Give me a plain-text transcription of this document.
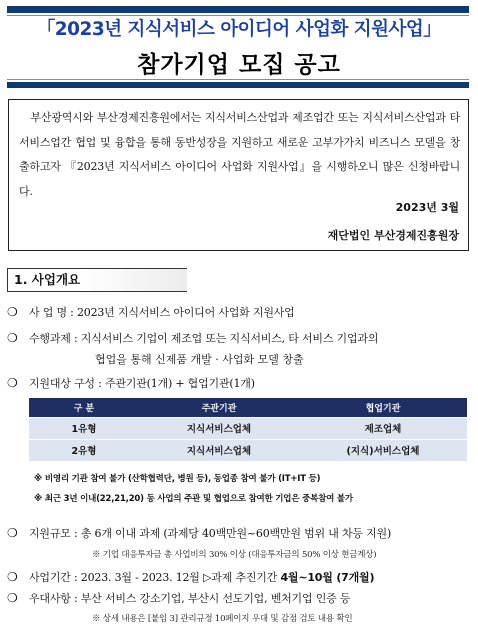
「2023년 지식서비스 아이디어 사업화 지원사업」
참가기업 모집 공고

부산광역시와 부산경제진흥원에서는 지식서비스산업과 제조업간 또는 지식서비스산업과 타서비스업간 협업 및 융합을 통해 동반성장을 지원하고 새로운 고부가가치 비즈니스 모델을 창출하고자 『2023년 지식서비스 아이디어 사업화 지원사업』을 시행하오니 많은 신청바랍니다.

2023년 3월
재단법인 부산경제진흥원장
1. 사업개요
❍ 사 업 명 : 2023년 지식서비스 아이디어 사업화 지원사업
❍ 수행과제 : 지식서비스 기업이 제조업 또는 지식서비스, 타 서비스 기업과의
협업을 통해 신제품 개발 · 사업화 모델 창출
❍ 지원대상 구성 : 주관기관(1개) + 협업기관(1개)
구 분	주관기관	협업기관
1유형	지식서비스업체	제조업체
2유형	지식서비스업체	(지식)서비스업체
※ 비영리 기관 참여 불가 (산학협력단, 병원 등), 동업종 참여 불가 (IT+IT 등)
※ 최근 3년 이내(22,21,20) 동 사업의 주관 및 협업으로 참여한 기업은 중복참여 불가
❍ 지원규모 : 총 6개 이내 과제 (과제당 40백만원~60백만원 범위 내 차등 지원)
※ 기업 대응투자금 총 사업비의 30% 이상 (대응투자금의 50% 이상 현금계상)
❍ 사업기간 : 2023. 3월 - 2023. 12월 ▷과제 추진기간 4월~10월 (7개월)
❍ 우대사항 : 부산 서비스 강소기업, 부산시 선도기업, 벤처기업 인증 등
※ 상세 내용은 [붙임 3] 관리규정 10페이지 우대 및 감점 검토 내용 확인
